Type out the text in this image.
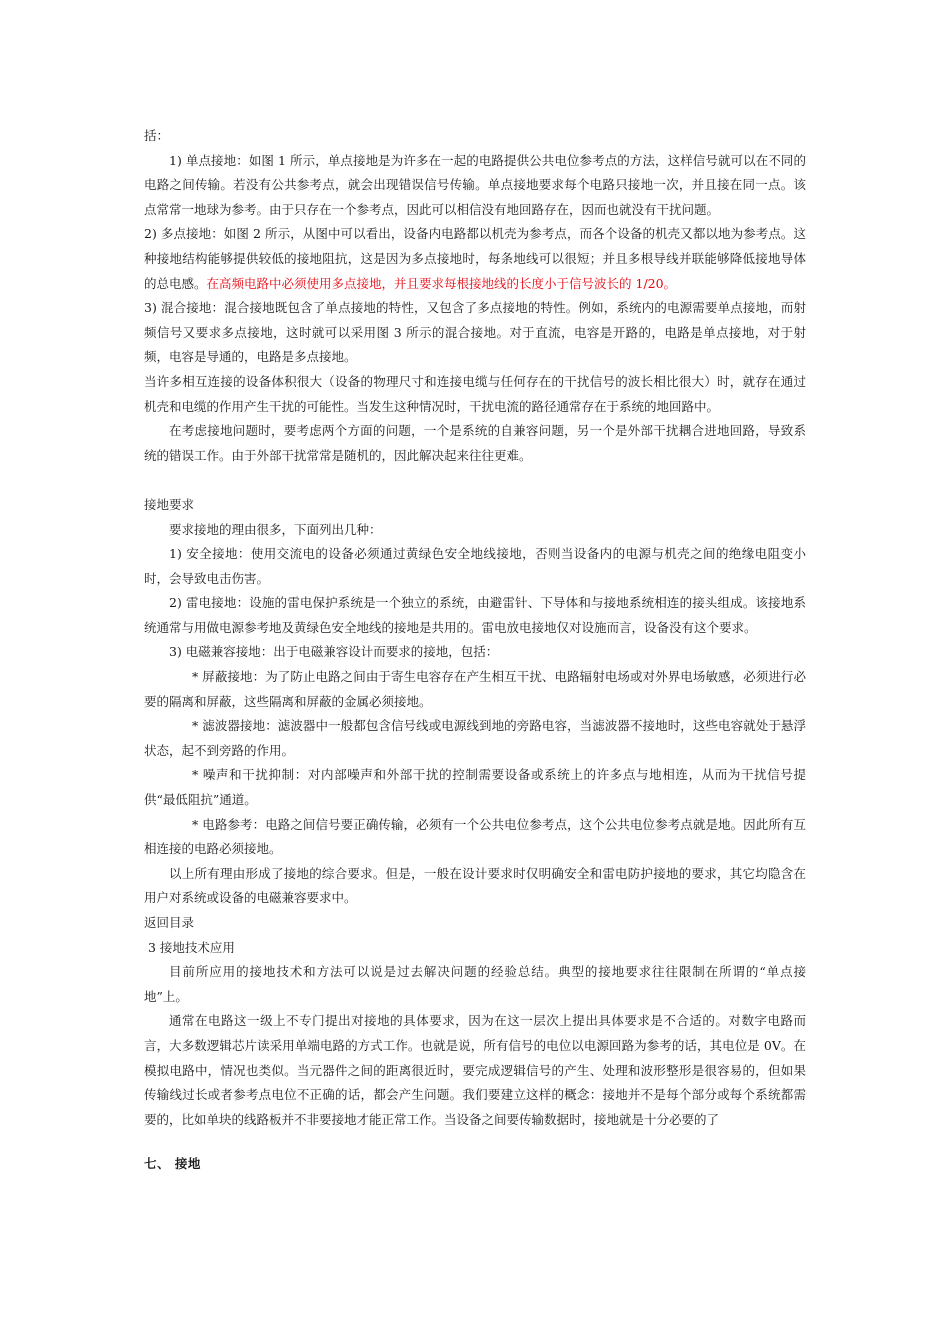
括：

1) 单点接地：如图 1 所示，单点接地是为许多在一起的电路提供公共电位参考点的方法，这样信号就可以在不同的电路之间传输。若没有公共参考点，就会出现错误信号传输。单点接地要求每个电路只接地一次，并且接在同一点。该点常常一地球为参考。由于只存在一个参考点，因此可以相信没有地回路存在，因而也就没有干扰问题。

2) 多点接地：如图 2 所示，从图中可以看出，设备内电路都以机壳为参考点，而各个设备的机壳又都以地为参考点。这种接地结构能够提供较低的接地阻抗，这是因为多点接地时，每条地线可以很短；并且多根导线并联能够降低接地导体的总电感。在高频电路中必须使用多点接地，并且要求每根接地线的长度小于信号波长的 1/20。

3) 混合接地：混合接地既包含了单点接地的特性，又包含了多点接地的特性。例如，系统内的电源需要单点接地，而射频信号又要求多点接地，这时就可以采用图 3 所示的混合接地。对于直流，电容是开路的，电路是单点接地，对于射频，电容是导通的，电路是多点接地。

当许多相互连接的设备体积很大（设备的物理尺寸和连接电缆与任何存在的干扰信号的波长相比很大）时，就存在通过机壳和电缆的作用产生干扰的可能性。当发生这种情况时，干扰电流的路径通常存在于系统的地回路中。

在考虑接地问题时，要考虑两个方面的问题，一个是系统的自兼容问题，另一个是外部干扰耦合进地回路，导致系统的错误工作。由于外部干扰常常是随机的，因此解决起来往往更难。

接地要求

要求接地的理由很多，下面列出几种：

1) 安全接地：使用交流电的设备必须通过黄绿色安全地线接地，否则当设备内的电源与机壳之间的绝缘电阻变小时，会导致电击伤害。

2) 雷电接地：设施的雷电保护系统是一个独立的系统，由避雷针、下导体和与接地系统相连的接头组成。该接地系统通常与用做电源参考地及黄绿色安全地线的接地是共用的。雷电放电接地仅对设施而言，设备没有这个要求。

3) 电磁兼容接地：出于电磁兼容设计而要求的接地，包括：

* 屏蔽接地：为了防止电路之间由于寄生电容存在产生相互干扰、电路辐射电场或对外界电场敏感，必须进行必要的隔离和屏蔽，这些隔离和屏蔽的金属必须接地。

* 滤波器接地：滤波器中一般都包含信号线或电源线到地的旁路电容，当滤波器不接地时，这些电容就处于悬浮状态，起不到旁路的作用。

* 噪声和干扰抑制：对内部噪声和外部干扰的控制需要设备或系统上的许多点与地相连，从而为干扰信号提供“最低阻抗”通道。

* 电路参考：电路之间信号要正确传输，必须有一个公共电位参考点，这个公共电位参考点就是地。因此所有互相连接的电路必须接地。

以上所有理由形成了接地的综合要求。但是，一般在设计要求时仅明确安全和雷电防护接地的要求，其它均隐含在用户对系统或设备的电磁兼容要求中。

返回目录

3 接地技术应用

目前所应用的接地技术和方法可以说是过去解决问题的经验总结。典型的接地要求往往限制在所谓的“单点接地”上。

通常在电路这一级上不专门提出对接地的具体要求，因为在这一层次上提出具体要求是不合适的。对数字电路而言，大多数逻辑芯片读采用单端电路的方式工作。也就是说，所有信号的电位以电源回路为参考的话，其电位是 0V。在模拟电路中，情况也类似。当元器件之间的距离很近时，要完成逻辑信号的产生、处理和波形整形是很容易的，但如果传输线过长或者参考点电位不正确的话，都会产生问题。我们要建立这样的概念：接地并不是每个部分或每个系统都需要的，比如单块的线路板并不非要接地才能正常工作。当设备之间要传输数据时，接地就是十分必要的了

七、 接地
